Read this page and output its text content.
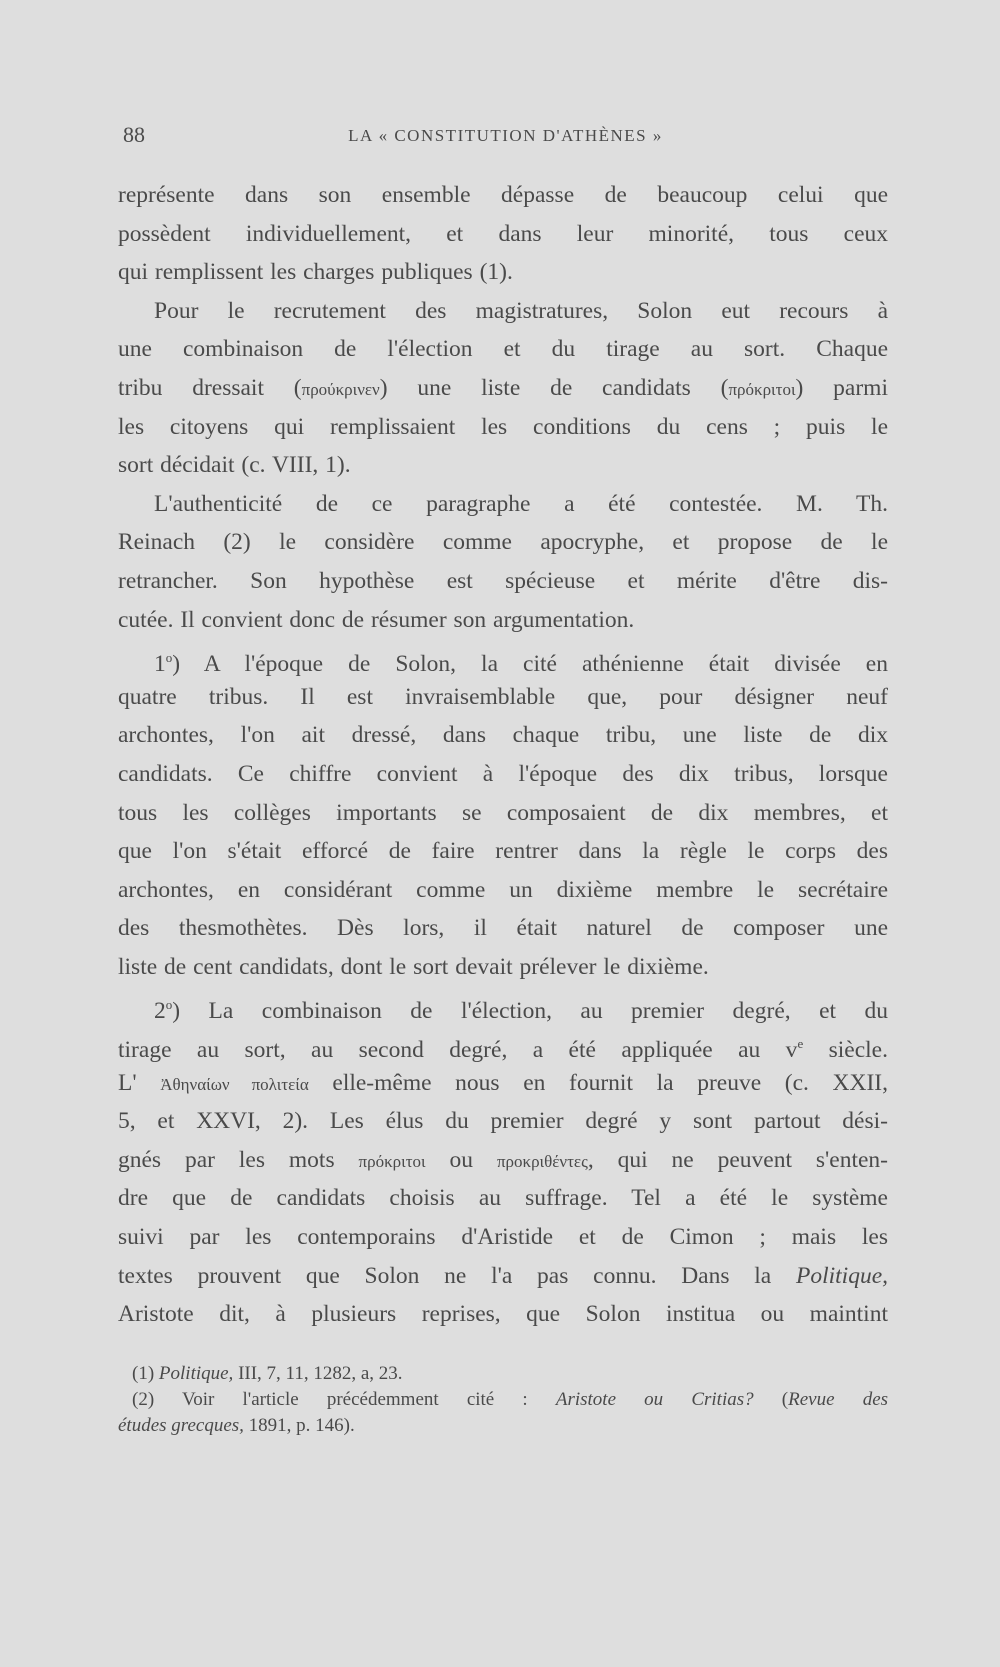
88	LA « CONSTITUTION D'ATHÈNES »
représente dans son ensemble dépasse de beaucoup celui que
possèdent individuellement, et dans leur minorité, tous ceux
qui remplissent les charges publiques (1).
Pour le recrutement des magistratures, Solon eut recours à
une combinaison de l'élection et du tirage au sort. Chaque
tribu dressait (προύκρινεν) une liste de candidats (πρόκριτοι) parmi
les citoyens qui remplissaient les conditions du cens ; puis le
sort décidait (c. VIII, 1).
L'authenticité de ce paragraphe a été contestée. M. Th.
Reinach (2) le considère comme apocryphe, et propose de le
retrancher. Son hypothèse est spécieuse et mérite d'être dis-
cutée. Il convient donc de résumer son argumentation.
1$^o$) A l'époque de Solon, la cité athénienne était divisée en
quatre tribus. Il est invraisemblable que, pour désigner neuf
archontes, l'on ait dressé, dans chaque tribu, une liste de dix
candidats. Ce chiffre convient à l'époque des dix tribus, lorsque
tous les collèges importants se composaient de dix membres, et
que l'on s'était efforcé de faire rentrer dans la règle le corps des
archontes, en considérant comme un dixième membre le secrétaire
des thesmothètes. Dès lors, il était naturel de composer une
liste de cent candidats, dont le sort devait prélever le dixième.
2$^o$) La combinaison de l'élection, au premier degré, et du
tirage au sort, au second degré, a été appliquée au $v^e$ siècle.
L' Ἀθηναίων πολιτεία elle-même nous en fournit la preuve (c. XXII,
5, et XXVI, 2). Les élus du premier degré y sont partout dési-
gnés par les mots πρόκριτοι ou προκριθέντες, qui ne peuvent s'enten-
dre que de candidats choisis au suffrage. Tel a été le système
suivi par les contemporains d'Aristide et de Cimon ; mais les
textes prouvent que Solon ne l'a pas connu. Dans la Politique,
Aristote dit, à plusieurs reprises, que Solon institua ou maintint
(1) Politique, III, 7, 11, 1282, a, 23.
(2) Voir l'article précédemment cité : Aristote ou Critias? (Revue des
études grecques, 1891, p. 146).
